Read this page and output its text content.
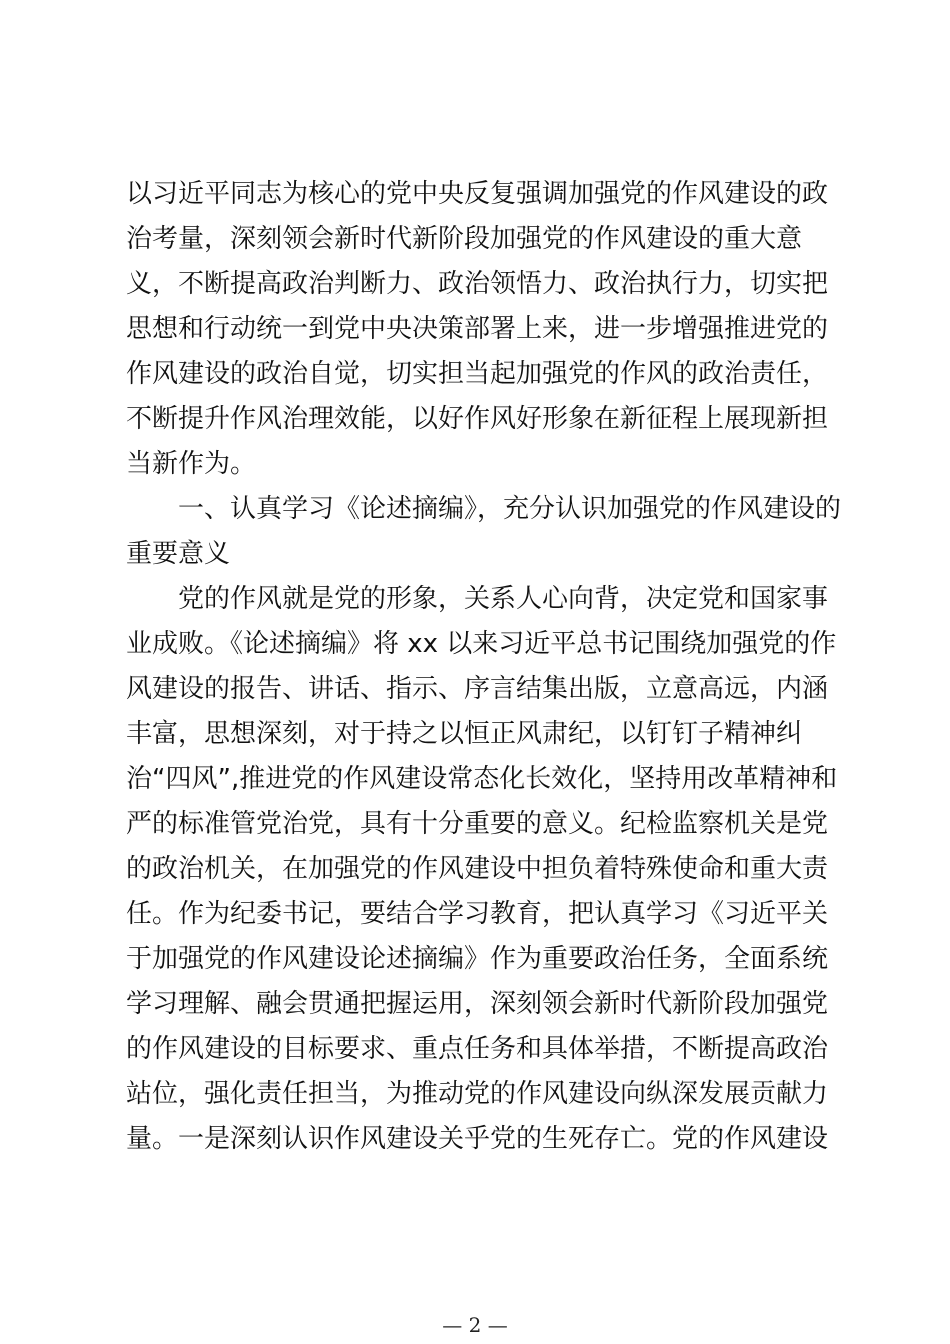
以习近平同志为核心的党中央反复强调加强党的作风建设的政
治考量，深刻领会新时代新阶段加强党的作风建设的重大意
义，不断提高政治判断力、政治领悟力、政治执行力，切实把
思想和行动统一到党中央决策部署上来，进一步增强推进党的
作风建设的政治自觉，切实担当起加强党的作风的政治责任，
不断提升作风治理效能，以好作风好形象在新征程上展现新担
当新作为。
　　一、认真学习《论述摘编》，充分认识加强党的作风建设的
重要意义
　　党的作风就是党的形象，关系人心向背，决定党和国家事
业成败。《论述摘编》将 xx 以来习近平总书记围绕加强党的作
风建设的报告、讲话、指示、序言结集出版，立意高远，内涵
丰富，思想深刻，对于持之以恒正风肃纪，以钉钉子精神纠
治“四风”,推进党的作风建设常态化长效化，坚持用改革精神和
严的标准管党治党，具有十分重要的意义。纪检监察机关是党
的政治机关，在加强党的作风建设中担负着特殊使命和重大责
任。作为纪委书记，要结合学习教育，把认真学习《习近平关
于加强党的作风建设论述摘编》作为重要政治任务，全面系统
学习理解、融会贯通把握运用，深刻领会新时代新阶段加强党
的作风建设的目标要求、重点任务和具体举措，不断提高政治
站位，强化责任担当，为推动党的作风建设向纵深发展贡献力
量。一是深刻认识作风建设关乎党的生死存亡。党的作风建设
— 2 —
